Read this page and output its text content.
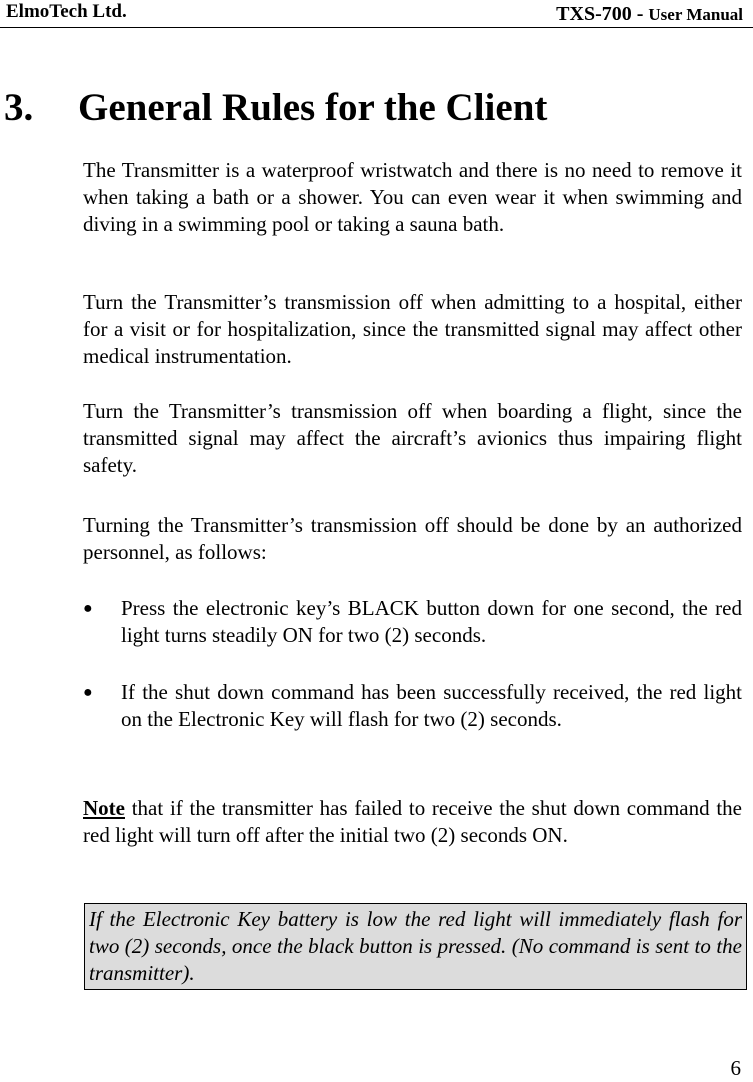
ElmoTech Ltd.	TXS-700 - User Manual
3. General Rules for the Client

The Transmitter is a waterproof wristwatch and there is no need to remove it when taking a bath or a shower. You can even wear it when swimming and diving in a swimming pool or taking a sauna bath.

Turn the Transmitter’s transmission off when admitting to a hospital, either for a visit or for hospitalization, since the transmitted signal may affect other medical instrumentation.

Turn the Transmitter’s transmission off when boarding a flight, since the transmitted signal may affect the aircraft’s avionics thus impairing flight safety.

Turning the Transmitter’s transmission off should be done by an authorized personnel, as follows:

●	Press the electronic key’s BLACK button down for one second, the red light turns steadily ON for two (2) seconds.
●	If the shut down command has been successfully received, the red light on the Electronic Key will flash for two (2) seconds.

Note that if the transmitter has failed to receive the shut down command the red light will turn off after the initial two (2) seconds ON.

If the Electronic Key battery is low the red light will immediately flash for two (2) seconds, once the black button is pressed. (No command is sent to the transmitter).
6
